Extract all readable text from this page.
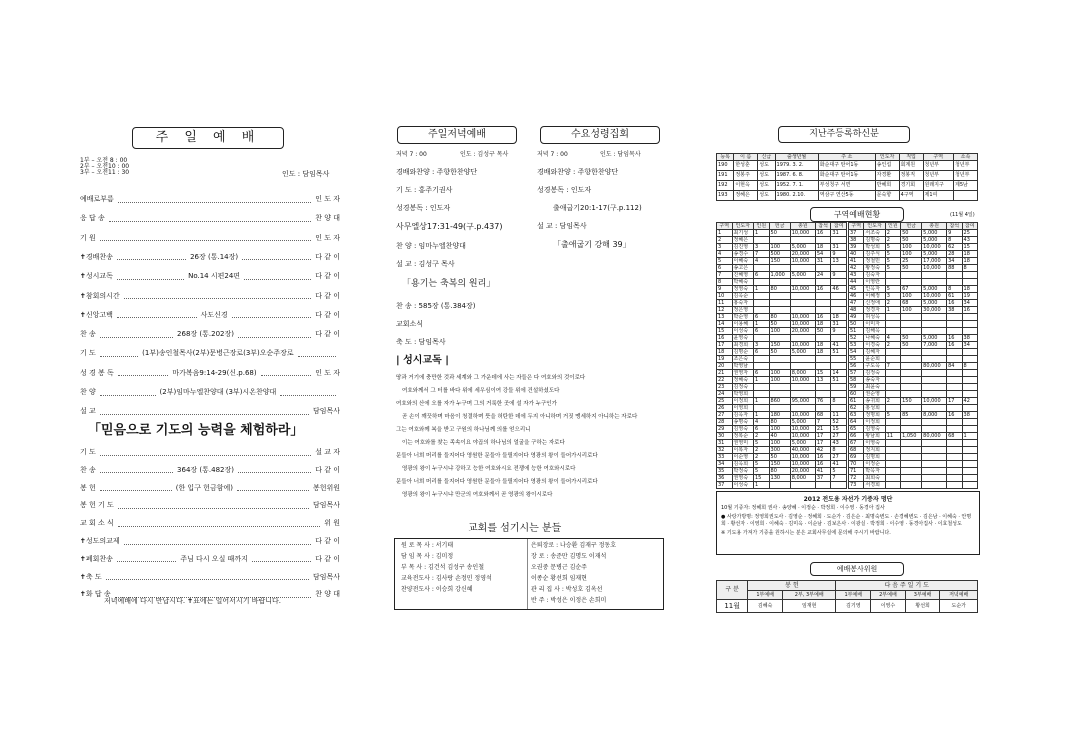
주 일 예 배
1부 – 오전 8 : 00
2부 – 오전10 : 00
3부 – 오전11 : 30	인도 : 담임목사
예배로부름	인 도 자
응 답 송	찬 양 대
기 원	인 도 자
✝경배찬송	26장 (통.14장)	다 같 이
✝성시교독	No.14 시편24편	다 같 이
✝참회의시간	다 같 이
✝신앙고백	사도신경	다 같 이
찬 송	268장 (통.202장)	다 같 이
기 도	(1부)송인철목사(2부)문병근장로(3부)오순주장로
성 경 봉 독	마가복음9:14-29(신.p.68)	인 도 자
찬 양	(2부)임마누엘찬양대 (3부)시온찬양대
설 교	담임목사
「믿음으로 기도의 능력을 체험하라」
기 도	설 교 자
찬 송	364장 (통.482장)	다 같 이
봉 헌	(한 입구 헌금함에)	봉헌위원
봉 헌 기 도	담임목사
교 회 소 식	위 원
✝성도의교제	다 같 이
✝폐회찬송	주님 다시 오실 때까지	다 같 이
✝축 도	담임목사
✝화 답 송	찬 양 대
저녁예배에 다시 만납시다. ✝표에는 일어서시기 바랍니다.
주일저녁예배	수요성령집회
저녁 7 : 00	인도 : 김성구 목사	저녁 7 : 00	인도 : 담임목사
경배와찬양 : 주향한찬양단
기 도 : 홍주기권사
성경봉독 : 인도자
사무엘상17:31-49(구.p.437)
찬 양 : 임마누엘찬양대
설 교 : 김성구 목사
「용기는 축복의 원리」
찬 송 : 585장 (통.384장)
교회소식
축 도 : 담임목사
경배와찬양 : 주향한찬양단
성경봉독 : 인도자
출애굽기20:1-17(구.p.112)
설 교 : 담임목사
「출애굽기 강해 39」
| 성시교독 |
땅과 거기에 충만한 것과 세계와 그 가운데에 사는 자들은 다 여호와의 것이로다
여호와께서 그 터를 바다 위에 세우심이여 강들 위에 건설하셨도다
여호와의 산에 오를 자가 누구며 그의 거룩한 곳에 설 자가 누구인가
곧 손이 깨끗하며 마음이 청결하며 뜻을 허탄한 데에 두지 아니하며 거짓 맹세하지 아니하는 자로다
그는 여호와께 복을 받고 구원의 하나님께 의를 얻으리니
이는 여호와를 찾는 족속이요 야곱의 하나님의 얼굴을 구하는 자로다
문들아 너희 머리를 들지어다 영원한 문들아 들릴지어다 영광의 왕이 들어가시리로다
영광의 왕이 누구시냐 강하고 능한 여호와시요 전쟁에 능한 여호와시로다
문들아 너희 머리를 들지어다 영원한 문들아 들릴지어다 영광의 왕이 들어가시리로다
영광의 왕이 누구시냐 만군의 여호와께서 곧 영광의 왕이시로다
교회를 섬기시는 분들
원 로 목 사 : 서기태	은퇴장로 : 나승환 김재구 정동호
담 임 목 사 : 김미정	장 로 : 송준만 김명도 이재석
부 목 사 : 김건석 김성구 송인철	오권중 문병근 김순주
교육전도사 : 김사랑 손정민 정영석	이종순 황선희 임재현
찬양전도사 : 이승희 강신혜	관 리 집 사 : 박성호 김옥선
반 주 : 박성은 이정은 손희미
지난주등록하신분
등록	이 름	신급	출생년월	주 소	인도자	직업	구역	소속
190	한성훈	성도	1979. 3. 2.	화순대구 탄어1동	송인섭	회계원	청년부	청년부
191	정봉주	성도	1987. 6. 8.	화순대구 탄어1동	자경환	정봉직	청년부	청년부
192	이현옥	성도	1952. 7. 1.	부성청구 서면	반혜희	경기회	원래지구	제5남
193	정혜은	성도	1980. 2.10.	역삼구 연산5동	문숙향	4구역	제1여	
구역예배현황	(11월 4일)
구역	인도자	인원	헌금	총원	참석	참여
1	최기성	1	50	10,000	16	31
2	정혜은					
3	김진영	3	100	5,000	18	31
4	송경수	7	500	20,000	54	9
5	이혜숙	4	150	10,000	31	13
6	송고은					
7	진혜영	6	1,000	5,000	24	9
8	박혜숙					
9	정영숙	1	80	10,000	16	46
10	김옥순					
11	홍숙자					
12	정은영					
13	박순영	6	80	10,000	16	18
14	이용혜	1	50	10,000	18	31
15	이성숙	6	100	20,000	50	9
16	윤영숙					
17	최경희	3	150	10,000	18	41
18	김명순	6	50	5,000	18	51
19	조은숙					
20	박영남					
21	권영자	6	100	8,000	15	14
22	정혜숙	1	100	10,000	13	51
23	김정숙					
24	박영희					
25	이정희	1	860	95,000	76	8
26	이영희					
27	김옥자	1	180	10,000	68	11
28	송명숙	4	80	5,000	7	52
29	김영숙	6	100	10,000	21	15
30	정복순	2	40	10,000	17	27
31	권영미	5	100	5,000	17	43
32	이복자	2	300	40,000	42	8
33	이순영	2	50	10,000	16	27
34	김옥희	5	150	10,000	16	41
35	박정숙	5	80	20,000	41	5
36	권영숙	15	130	8,000	37	7
37	이성숙	1				
구역	인도자	인원	헌금	총원	참석	참여
37	서조숙	2	50	5,000	9	25
38	김명숙	2	50	5,000	8	43
39	박성희	5	100	10,000	62	15
40	김주식	5	100	5,000	28	18
41	정철민	5	25	17,000	34	18
42	황정숙	5	50	10,000	88	8
43	김숙자					
44	이영란					
45	인옥자	5	67	5,000	8	18
46	이혜정	3	100	10,000	61	19
47	신정애	2	68	5,000	16	34
48	정경자	1	100	30,000	38	16
49	허성옥					
50	이미자					
51	김해옥					
52	나혜숙	4	50	5,000	16	38
53	이경숙	2	50	7,000	16	34
54	김혜자					
55	윤순희					
56	구도옥	7		80,000	84	8
57	김정숙					
58	송숙자					
59	최윤숙					
60	권순영					
61	송귀희	2	150	10,000	17	42
62	홍성희					
63	정명희	5	85	8,000	16	38
64	이정희					
65	김영숙					
66	황남희	11	1,050	80,000	68	1
67	이영숙					
68	정지희					
69	김명희					
70	이정순					
71	박옥자					
72	최희숙					
73	서경희					
2012 전도용 자선가 기증자 명단
10월 기증자: 정혜희 권사 · 송양혜 · 이정순 · 박정희 · 이수영 · 동경아 집사
● 사랑가방명: 정영희권도사 · 김영순 · 정혜희 · 도순가 · 김은순 · 최명숙변도 · 손경혜변도 · 김은남 · 이혜숙 · 안명희 · 황선자 · 이영희 · 이혜숙 · 김미옥 · 이순남 · 김보은사 · 이광실 · 박정희 · 이수영 · 동경아집사 · 이효철성도
※ 기도용 가져가 기증을 원하시는 분은 교회사무실에 문의해 주시기 바랍니다.
예배봉사위원
구 분	봉 헌		다 음 주 일 기 도			
	1부예배	2부, 3부예배	1부예배	2부예배	3부예배	저녁예배
11월	김혜숙	임재현	김기영	이영수	황선희	도순가
